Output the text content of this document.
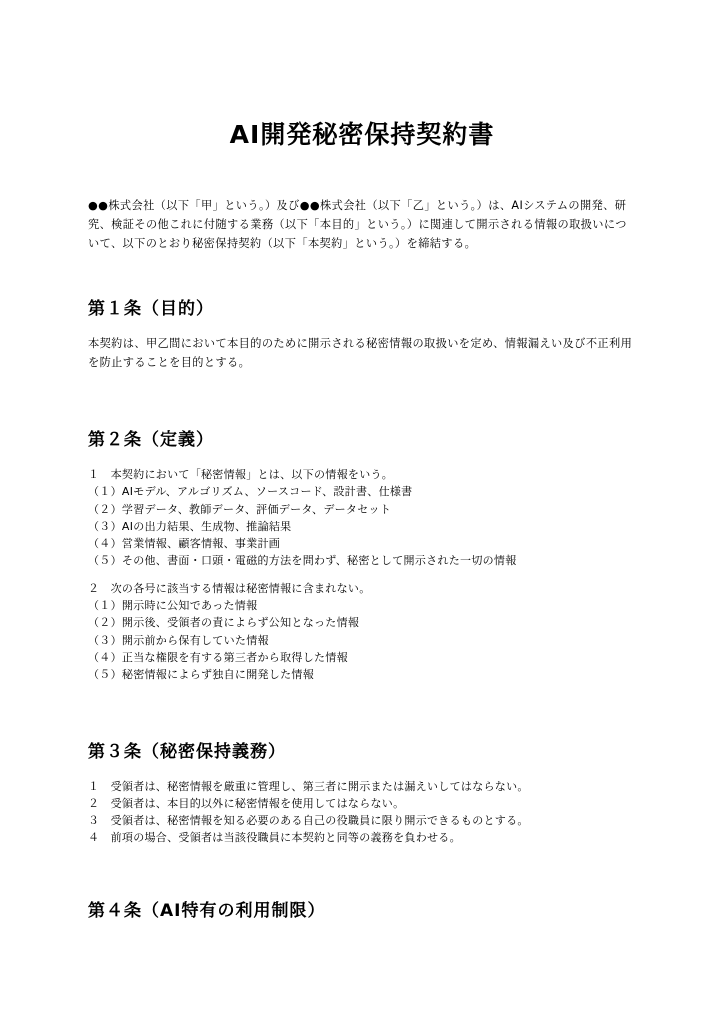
AI開発秘密保持契約書

●●株式会社（以下「甲」という。）及び●●株式会社（以下「乙」という。）は、AIシステムの開発、研究、検証その他これに付随する業務（以下「本目的」という。）に関連して開示される情報の取扱いについて、以下のとおり秘密保持契約（以下「本契約」という。）を締結する。

第１条（目的）

本契約は、甲乙間において本目的のために開示される秘密情報の取扱いを定め、情報漏えい及び不正利用を防止することを目的とする。

第２条（定義）
１　本契約において「秘密情報」とは、以下の情報をいう。
（１）AIモデル、アルゴリズム、ソースコード、設計書、仕様書
（２）学習データ、教師データ、評価データ、データセット
（３）AIの出力結果、生成物、推論結果
（４）営業情報、顧客情報、事業計画
（５）その他、書面・口頭・電磁的方法を問わず、秘密として開示された一切の情報
２　次の各号に該当する情報は秘密情報に含まれない。
（１）開示時に公知であった情報
（２）開示後、受領者の責によらず公知となった情報
（３）開示前から保有していた情報
（４）正当な権限を有する第三者から取得した情報
（５）秘密情報によらず独自に開発した情報
第３条（秘密保持義務）
１　受領者は、秘密情報を厳重に管理し、第三者に開示または漏えいしてはならない。
２　受領者は、本目的以外に秘密情報を使用してはならない。
３　受領者は、秘密情報を知る必要のある自己の役職員に限り開示できるものとする。
４　前項の場合、受領者は当該役職員に本契約と同等の義務を負わせる。
第４条（AI特有の利用制限）
